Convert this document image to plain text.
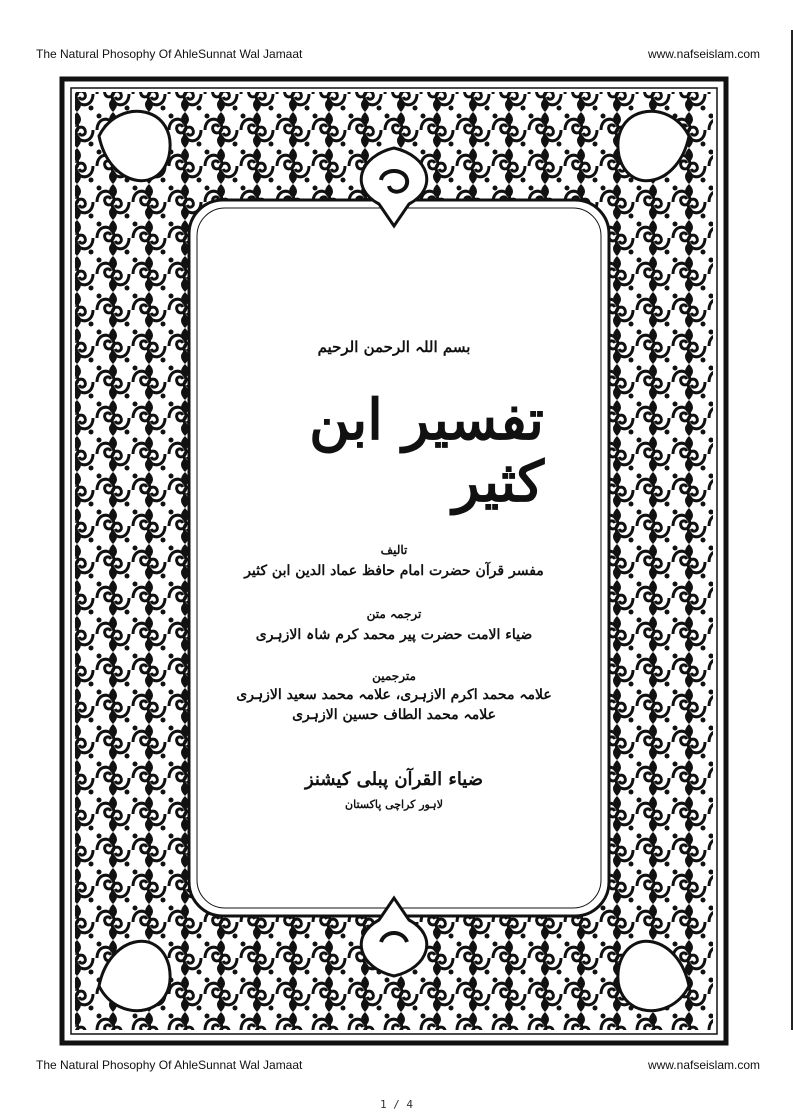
The Natural Phosophy Of AhleSunnat Wal Jamaat	www.nafseislam.com
بسم اللہ الرحمن الرحیم
تفسیر ابن کثیر
تالیف
مفسر قرآن حضرت امام حافظ عماد الدین ابن کثیر
ترجمہ متن
ضیاء الامت حضرت پیر محمد کرم شاہ الازہری
مترجمین
علامہ محمد اکرم الازہری، علامہ محمد سعید الازہری
علامہ محمد الطاف حسین الازہری
ضیاء القرآن پبلی کیشنز
لاہور کراچی پاکستان
The Natural Phosophy Of AhleSunnat Wal Jamaat	www.nafseislam.com
1 / 4
